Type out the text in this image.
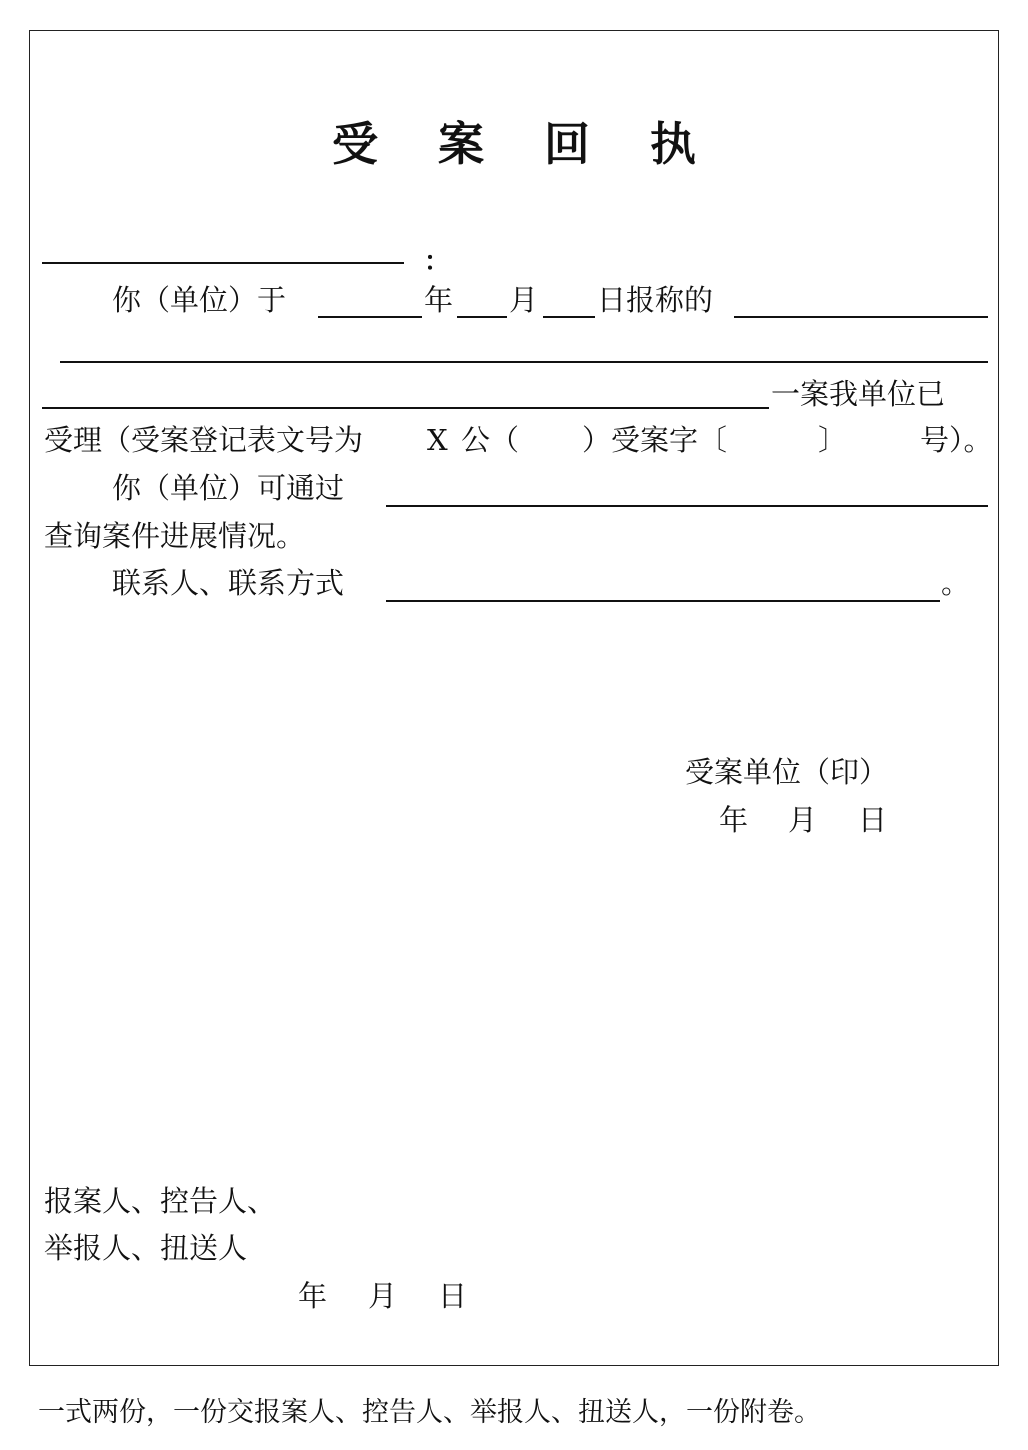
受 案 回 执
：
你（单位）于	年 月 日报称的
一案我单位已
受理（受案登记表文号为 X 公（ ）受案字〔	〕	号）。
你（单位）可通过
查询案件进展情况。
联系人、联系方式	。
受案单位（印）
年 月 日
报案人、控告人、
举报人、扭送人
年 月 日
一式两份，一份交报案人、控告人、举报人、扭送人，一份附卷。
